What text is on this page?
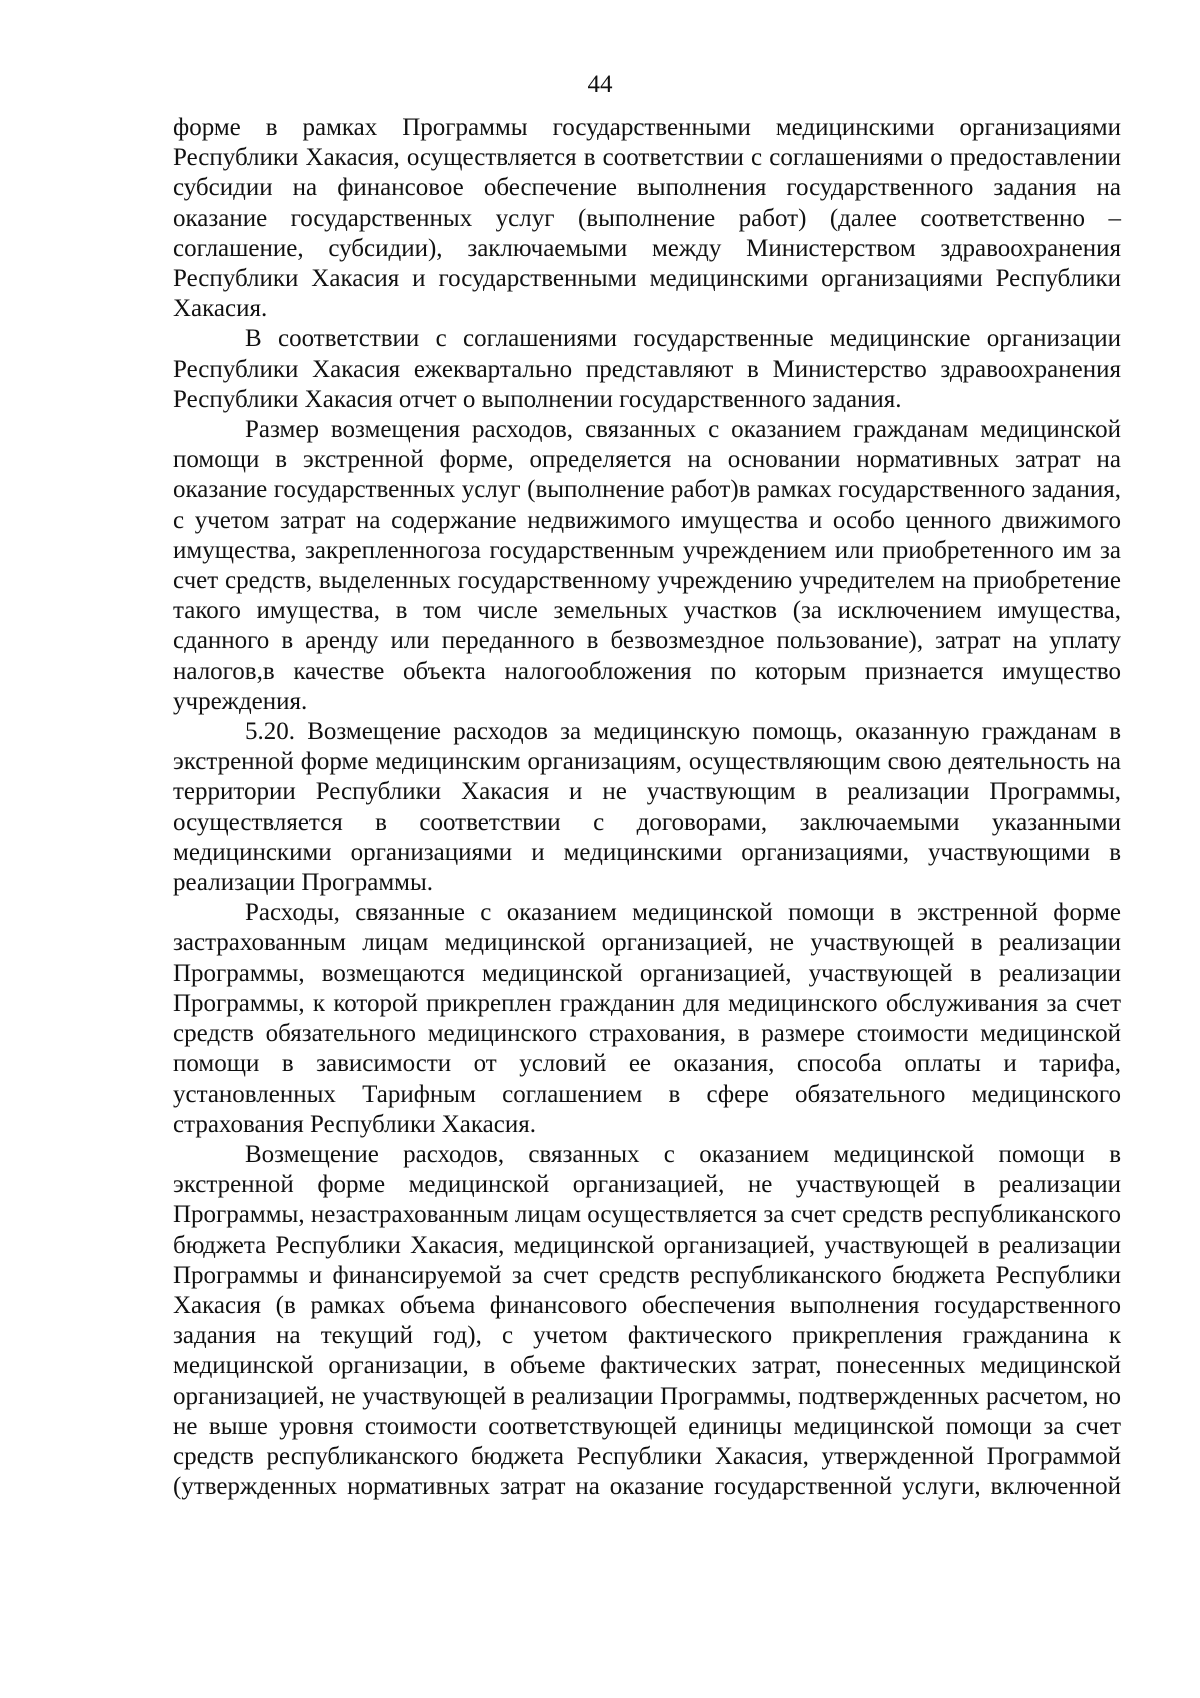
44

форме в рамках Программы государственными медицинскими организациями Республики Хакасия, осуществляется в соответствии с соглашениями о предоставлении субсидии на финансовое обеспечение выполнения государственного задания на оказание государственных услуг (выполнение работ) (далее соответственно – соглашение, субсидии), заключаемыми между Министерством здравоохранения Республики Хакасия и государственными медицинскими организациями Республики Хакасия.

В соответствии с соглашениями государственные медицинские организации Республики Хакасия ежеквартально представляют в Министерство здравоохранения Республики Хакасия отчет о выполнении государственного задания.

Размер возмещения расходов, связанных с оказанием гражданам медицинской помощи в экстренной форме, определяется на основании нормативных затрат на оказание государственных услуг (выполнение работ)в рамках государственного задания, с учетом затрат на содержание недвижимого имущества и особо ценного движимого имущества, закрепленногоза государственным учреждением или приобретенного им за счет средств, выделенных государственному учреждению учредителем на приобретение такого имущества, в том числе земельных участков (за исключением имущества, сданного в аренду или переданного в безвозмездное пользование), затрат на уплату налогов,в качестве объекта налогообложения по которым признается имущество учреждения.

5.20. Возмещение расходов за медицинскую помощь, оказанную гражданам в экстренной форме медицинским организациям, осуществляющим свою деятельность на территории Республики Хакасия и не участвующим в реализации Программы, осуществляется в соответствии с договорами, заключаемыми указанными медицинскими организациями и медицинскими организациями, участвующими в реализации Программы.

Расходы, связанные с оказанием медицинской помощи в экстренной форме застрахованным лицам медицинской организацией, не участвующей в реализации Программы, возмещаются медицинской организацией, участвующей в реализации Программы, к которой прикреплен гражданин для медицинского обслуживания за счет средств обязательного медицинского страхования, в размере стоимости медицинской помощи в зависимости от условий ее оказания, способа оплаты и тарифа, установленных Тарифным соглашением в сфере обязательного медицинского страхования Республики Хакасия.

Возмещение расходов, связанных с оказанием медицинской помощи в экстренной форме медицинской организацией, не участвующей в реализации Программы, незастрахованным лицам осуществляется за счет средств республиканского бюджета Республики Хакасия, медицинской организацией, участвующей в реализации Программы и финансируемой за счет средств республиканского бюджета Республики Хакасия (в рамках объема финансового обеспечения выполнения государственного задания на текущий год), с учетом фактического прикрепления гражданина к медицинской организации, в объеме фактических затрат, понесенных медицинской организацией, не участвующей в реализации Программы, подтвержденных расчетом, но не выше уровня стоимости соответствующей единицы медицинской помощи за счет средств республиканского бюджета Республики Хакасия, утвержденной Программой (утвержденных нормативных затрат на оказание государственной услуги, включенной
